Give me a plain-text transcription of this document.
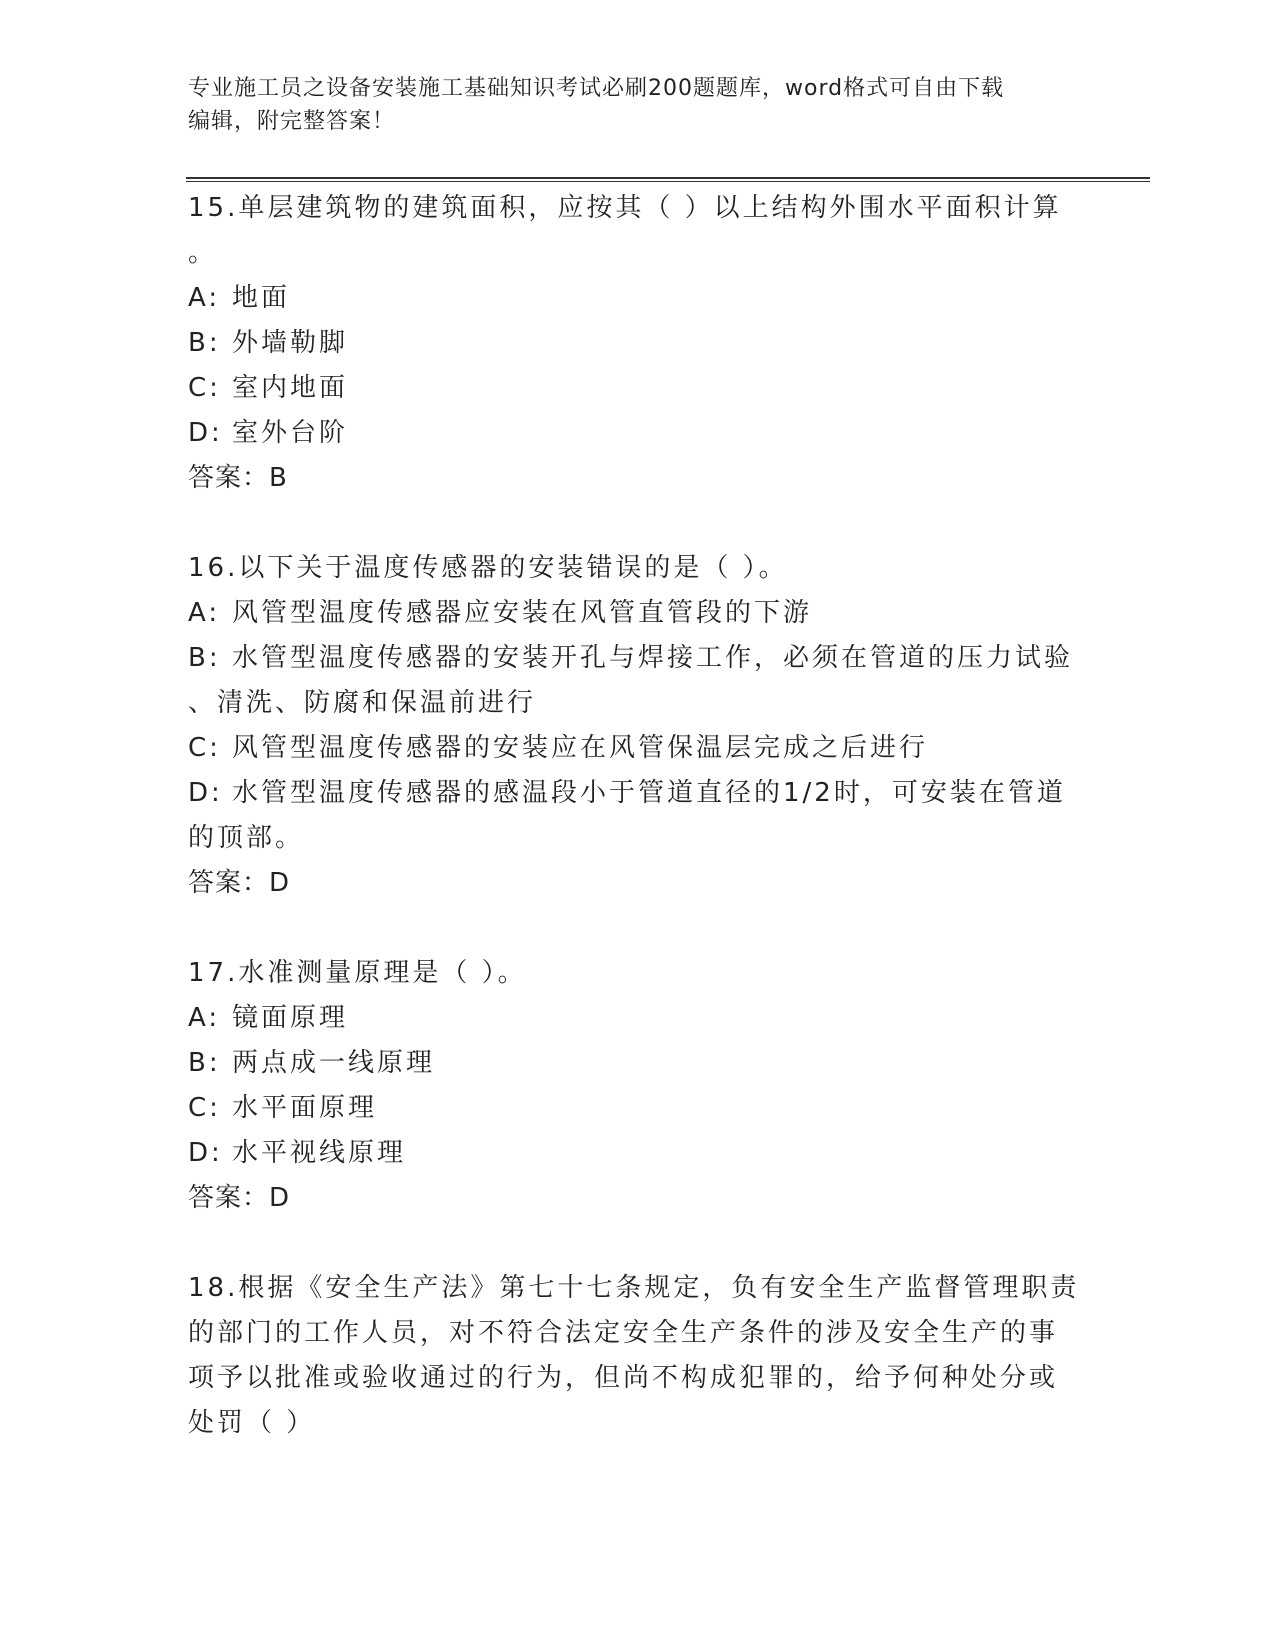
专业施工员之设备安装施工基础知识考试必刷200题题库，word格式可自由下载
编辑，附完整答案！

15.单层建筑物的建筑面积，应按其（ ）以上结构外围水平面积计算

。

A: 地面

B: 外墙勒脚

C: 室内地面

D: 室外台阶

答案：B

16.以下关于温度传感器的安装错误的是（ ）。

A: 风管型温度传感器应安装在风管直管段的下游

B: 水管型温度传感器的安装开孔与焊接工作，必须在管道的压力试验

、清洗、防腐和保温前进行

C: 风管型温度传感器的安装应在风管保温层完成之后进行

D: 水管型温度传感器的感温段小于管道直径的1/2时，可安装在管道

的顶部。

答案：D

17.水准测量原理是（ ）。

A: 镜面原理

B: 两点成一线原理

C: 水平面原理

D: 水平视线原理

答案：D

18.根据《安全生产法》第七十七条规定，负有安全生产监督管理职责

的部门的工作人员，对不符合法定安全生产条件的涉及安全生产的事

项予以批准或验收通过的行为，但尚不构成犯罪的，给予何种处分或

处罚（ ）
